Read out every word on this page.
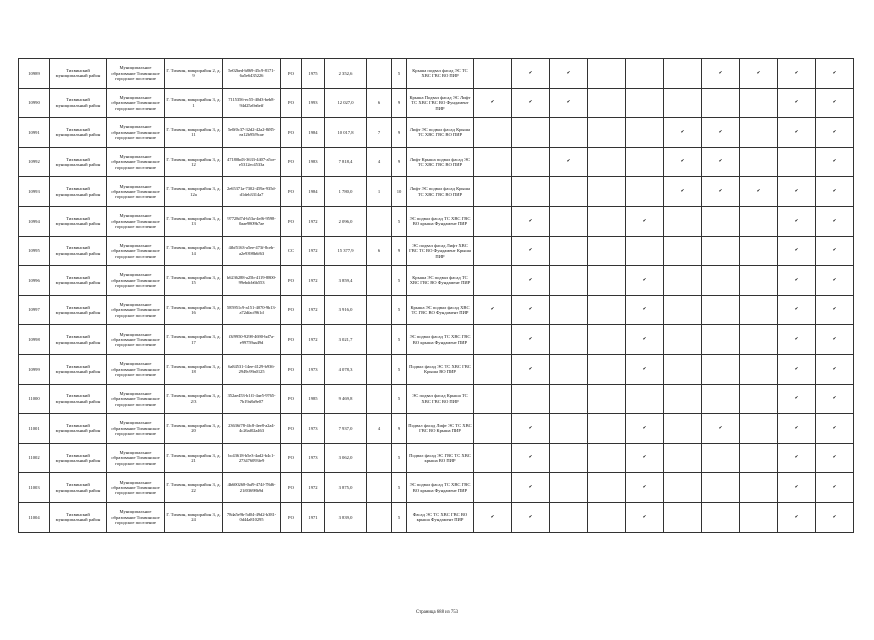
10989	Тихвинский муниципальный район	Муниципальное образование Тихвинское городское поселение	Г. Тихвин, микрорайон 2, д. 9	5e02bed-b869-45c9-8171-6a5e6435226	РО	1975	2 352,6		5	Крыша подвал фасад ЭС ТС ХВС ГВС ВО ПИР		✔	✔				✔	✔	✔	✔
10990	Тихвинский муниципальный район	Муниципальное образование Тихвинское городское поселение	Г. Тихвин, микрорайон 3, д. 1	7115356-ec55-40d3-beb8-94d25a9a6eff	РО	1993	12 027,0	6	9	Крыша Подвал фасад ЭС Лифт ТС ХВС ГВС ВО Фундамент ПИР	✔	✔	✔						✔	✔
10991	Тихвинский муниципальный район	Муниципальное образование Тихвинское городское поселение	Г. Тихвин, микрорайон 3, д. 11	5e0f0c37-32d2-42a2-8f85-ea12b95f9cae	РО	1984	10 017,8	7	9	Лифт ЭС подвал фасад Крыша ТС ХВС ГВС ВО ПИР						✔	✔		✔	✔
10992	Тихвинский муниципальный район	Муниципальное образование Тихвинское городское поселение	Г. Тихвин, микрорайон 3, д. 12	47180bd3-3633-4407-a5ce-e5312ec4533a	РО	1983	7 818,4	4	9	Лифт Крыша подвал фасад ЭС ТС ХВС ГВС ВО ПИР			✔			✔	✔			✔
10993	Тихвинский муниципальный район	Муниципальное образование Тихвинское городское поселение	Г. Тихвин, микрорайон 3, д. 12а	2e65371a-7302-459a-935d-d1deb3314a7	РО	1984	1 780,0	1	10	Лифт ЭС подвал фасад Крыша ТС ХВС ГВС ВО ПИР						✔	✔	✔	✔	✔
10994	Тихвинский муниципальный район	Муниципальное образование Тихвинское городское поселение	Г. Тихвин, микрорайон 3, д. 13	97728d7d-b53a-4ef6-9598-0aae9809b7ae	РО	1972	2 096,0		5	ЭС подвал фасад ТС ХВС ГВС ВО крыша Фундамент ПИР		✔			✔				✔	✔
10995	Тихвинский муниципальный район	Муниципальное образование Тихвинское городское поселение	Г. Тихвин, микрорайон 3, д. 14	4fbf5163-a5ee-473f-8ceb-a2e9398b6f63	СС	1972	15 377,9	6	9	ЭС подвал фасад Лифт ХВС ГВС ТС ВО Фундамент Крыша ПИР		✔							✔	✔
10996	Тихвинский муниципальный район	Муниципальное образование Тихвинское городское поселение	Г. Тихвин, микрорайон 3, д. 15	b6236288-a25b-4119-8800-99ebdcb6b553	РО	1972	3 859,4		5	Крыша ЭС подвал фасад ТС ХВС ГВС ВО Фундамент ПИР		✔			✔				✔	✔
10997	Тихвинский муниципальный район	Муниципальное образование Тихвинское городское поселение	Г. Тихвин, микрорайон 3, д. 16	585951c9-a151-4070-9b13-a72dfacf961d	РО	1972	3 916,0		5	Крыша ЭС подвал фасад ХВС ТС ГВС ВО Фундамент ПИР	✔	✔			✔				✔	✔
10998	Тихвинский муниципальный район	Муниципальное образование Тихвинское городское поселение	Г. Тихвин, микрорайон 3, д. 17	f3f9950-9298-4690-bd7a-e99759aa49d	РО	1972	3 021,7		5	ЭС подвал фасад ТС ХВС ГВС ВО крыша Фундамент ПИР		✔			✔				✔	✔
10999	Тихвинский муниципальный район	Муниципальное образование Тихвинское городское поселение	Г. Тихвин, микрорайон 3, д. 18	6a84531-14ee-4129-b936-2949c99a0125	РО	1973	4 078,3		5	Подвал фасад ЭС ТС ХВС ГВС Крыша ВО ПИР		✔			✔				✔	✔
11000	Тихвинский муниципальный район	Муниципальное образование Тихвинское городское поселение	Г. Тихвин, микрорайон 3, д. 2/3	352ae453-b1f1-4ae5-9765-7b19a8a9e07	РО	1985	9 469,8		5	ЭС подвал фасад Крыша ТС ХВС ГВС ВО ПИР									✔	✔
11001	Тихвинский муниципальный район	Муниципальное образование Тихвинское городское поселение	Г. Тихвин, микрорайон 3, д. 20	23636f78-4fc8-4ee8-a2a4-4c26af02a463	РО	1973	7 937,0	4	9	Подвал фасад Лифт ЭС ТС ХВС ГВС ВО Крыша ПИР		✔			✔		✔		✔	✔
11002	Тихвинский муниципальный район	Муниципальное образование Тихвинское городское поселение	Г. Тихвин, микрорайон 3, д. 21	bc43618-b5e3-4ad2-b4c1-273476093fe9	РО	1973	3 062,0		5	Подвал фасад ЭС ГВС ТС ХВС крыша ВО ПИР		✔			✔				✔	✔
11003	Тихвинский муниципальный район	Муниципальное образование Тихвинское городское поселение	Г. Тихвин, микрорайон 3, д. 22	4b600268-0af9-474f-78d6-21f03698b9d	РО	1972	3 875,0		5	ЭС подвал фасад ТС ХВС ГВС ВО крыша Фундамент ПИР		✔			✔				✔	✔
11004	Тихвинский муниципальный район	Муниципальное образование Тихвинское городское поселение	Г. Тихвин, микрорайон 3, д. 24	78da5e9b-5d04-49d2-b381-0d44a810295	РО	1971	3 839,0		5	Фасад ЭС ТС ХВС ГВС ВО крыша Фундамент ПИР	✔	✔			✔				✔	✔
Страница 688 из 753
